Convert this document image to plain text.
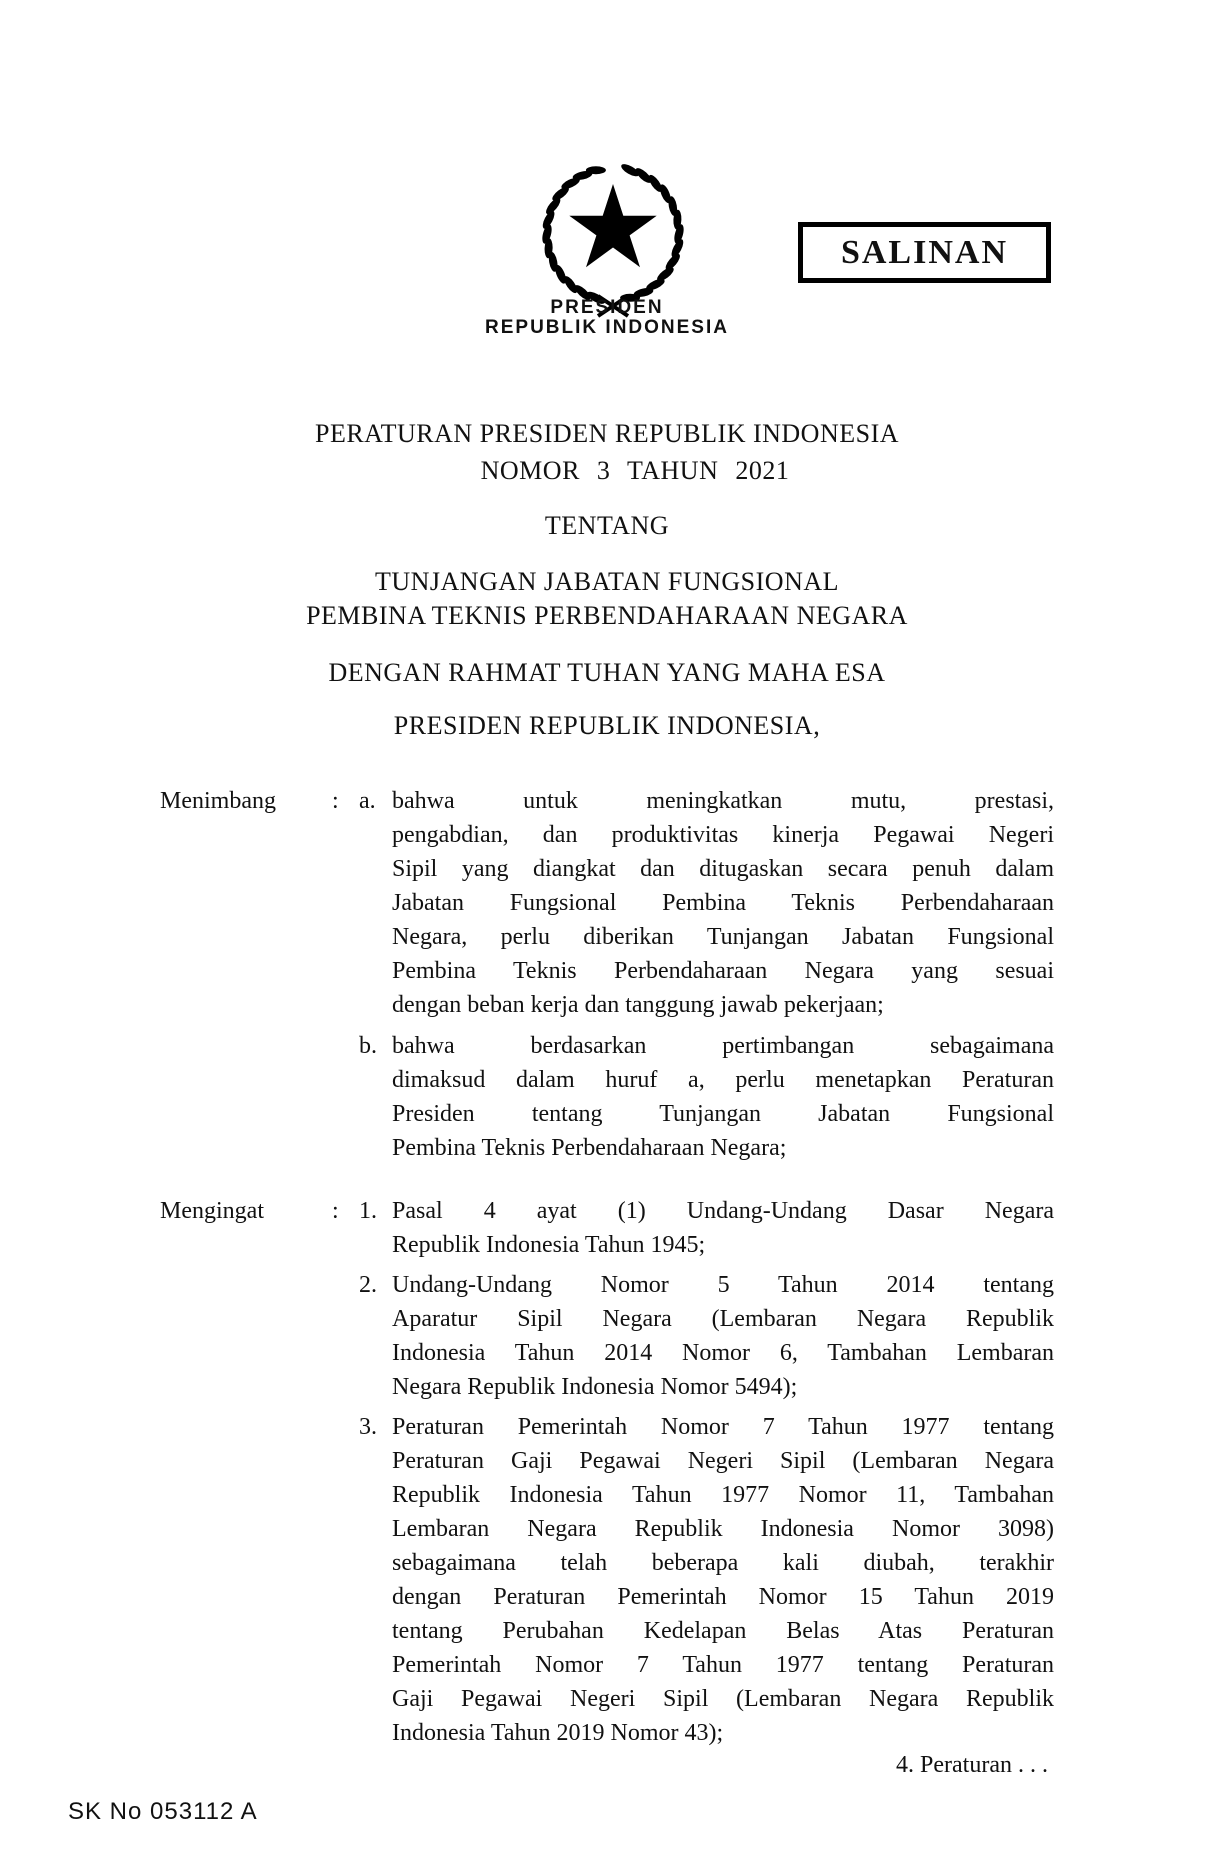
SALINAN
PRESIDEN
REPUBLIK INDONESIA
PERATURAN PRESIDEN REPUBLIK INDONESIA
NOMOR 3 TAHUN 2021
TENTANG
TUNJANGAN JABATAN FUNGSIONAL
PEMBINA TEKNIS PERBENDAHARAAN NEGARA
DENGAN RAHMAT TUHAN YANG MAHA ESA
PRESIDEN REPUBLIK INDONESIA,
Menimbang	: a. bahwa untuk meningkatkan mutu, prestasi,
pengabdian, dan produktivitas kinerja Pegawai Negeri
Sipil yang diangkat dan ditugaskan secara penuh dalam
Jabatan Fungsional Pembina Teknis Perbendaharaan
Negara, perlu diberikan Tunjangan Jabatan Fungsional
Pembina Teknis Perbendaharaan Negara yang sesuai
dengan beban kerja dan tanggung jawab pekerjaan;
b. bahwa berdasarkan pertimbangan sebagaimana
dimaksud dalam huruf a, perlu menetapkan Peraturan
Presiden tentang Tunjangan Jabatan Fungsional
Pembina Teknis Perbendaharaan Negara;
Mengingat	: 1. Pasal 4 ayat (1) Undang-Undang Dasar Negara
Republik Indonesia Tahun 1945;
2. Undang-Undang Nomor 5 Tahun 2014 tentang
Aparatur Sipil Negara (Lembaran Negara Republik
Indonesia Tahun 2014 Nomor 6, Tambahan Lembaran
Negara Republik Indonesia Nomor 5494);
3. Peraturan Pemerintah Nomor 7 Tahun 1977 tentang
Peraturan Gaji Pegawai Negeri Sipil (Lembaran Negara
Republik Indonesia Tahun 1977 Nomor 11, Tambahan
Lembaran Negara Republik Indonesia Nomor 3098)
sebagaimana telah beberapa kali diubah, terakhir
dengan Peraturan Pemerintah Nomor 15 Tahun 2019
tentang Perubahan Kedelapan Belas Atas Peraturan
Pemerintah Nomor 7 Tahun 1977 tentang Peraturan
Gaji Pegawai Negeri Sipil (Lembaran Negara Republik
Indonesia Tahun 2019 Nomor 43);
4. Peraturan . . .
SK No 053112 A
